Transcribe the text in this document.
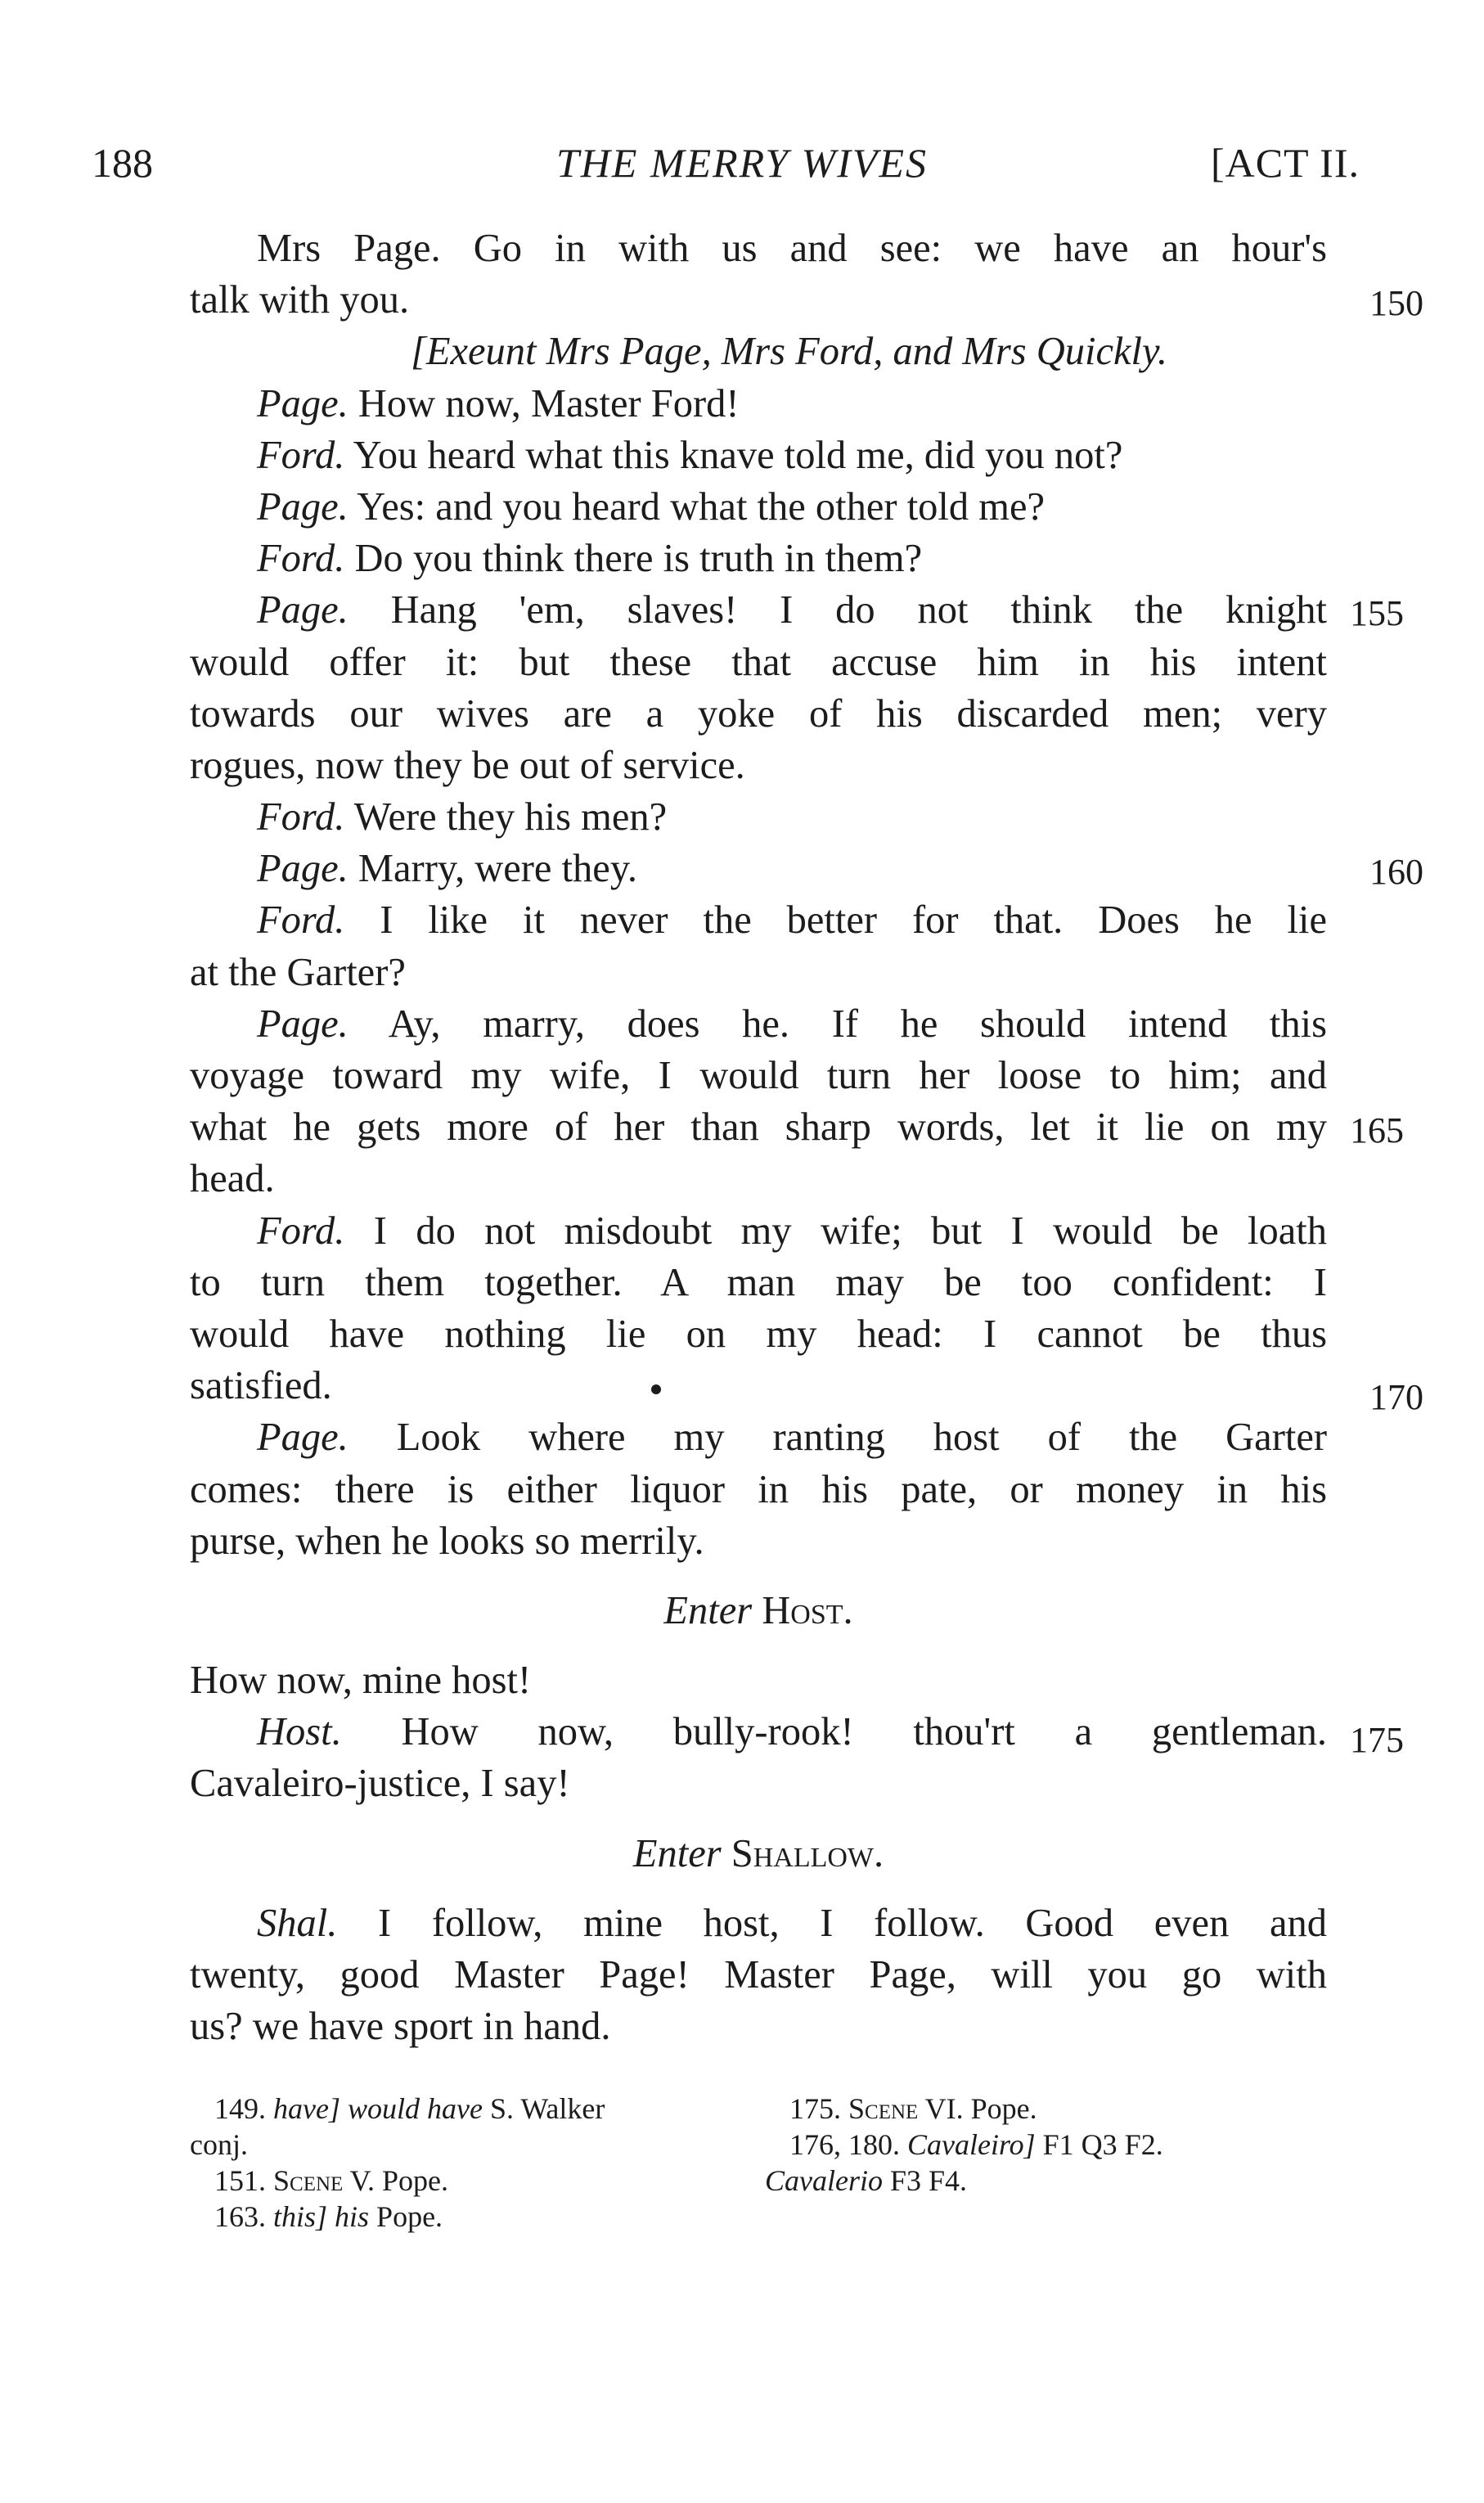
188	THE MERRY WIVES	[ACT II.
Mrs Page. Go in with us and see: we have an hour's
talk with you.	150
[Exeunt Mrs Page, Mrs Ford, and Mrs Quickly.
Page. How now, Master Ford!
Ford. You heard what this knave told me, did you not?
Page. Yes: and you heard what the other told me?
Ford. Do you think there is truth in them?
Page. Hang 'em, slaves! I do not think the knight 155
would offer it: but these that accuse him in his intent
towards our wives are a yoke of his discarded men; very
rogues, now they be out of service.
Ford. Were they his men?
Page. Marry, were they.	160
Ford. I like it never the better for that. Does he lie
at the Garter?
Page. Ay, marry, does he. If he should intend this
voyage toward my wife, I would turn her loose to him; and
what he gets more of her than sharp words, let it lie on my 165
head.
Ford. I do not misdoubt my wife; but I would be loath
to turn them together. A man may be too confident: I
would have nothing lie on my head: I cannot be thus
satisfied.	170
Page. Look where my ranting host of the Garter
comes: there is either liquor in his pate, or money in his
purse, when he looks so merrily.
Enter Host.
How now, mine host!
Host. How now, bully-rook! thou'rt a gentleman. 175
Cavaleiro-justice, I say!
Enter Shallow.
Shal. I follow, mine host, I follow. Good even and
twenty, good Master Page! Master Page, will you go with
us? we have sport in hand.
149. have] would have S. Walker
conj.
151. Scene V. Pope.
163. this] his Pope.
175. Scene VI. Pope.
176, 180. Cavaleiro] F1 Q3 F2.
Cavalerio F3 F4.
